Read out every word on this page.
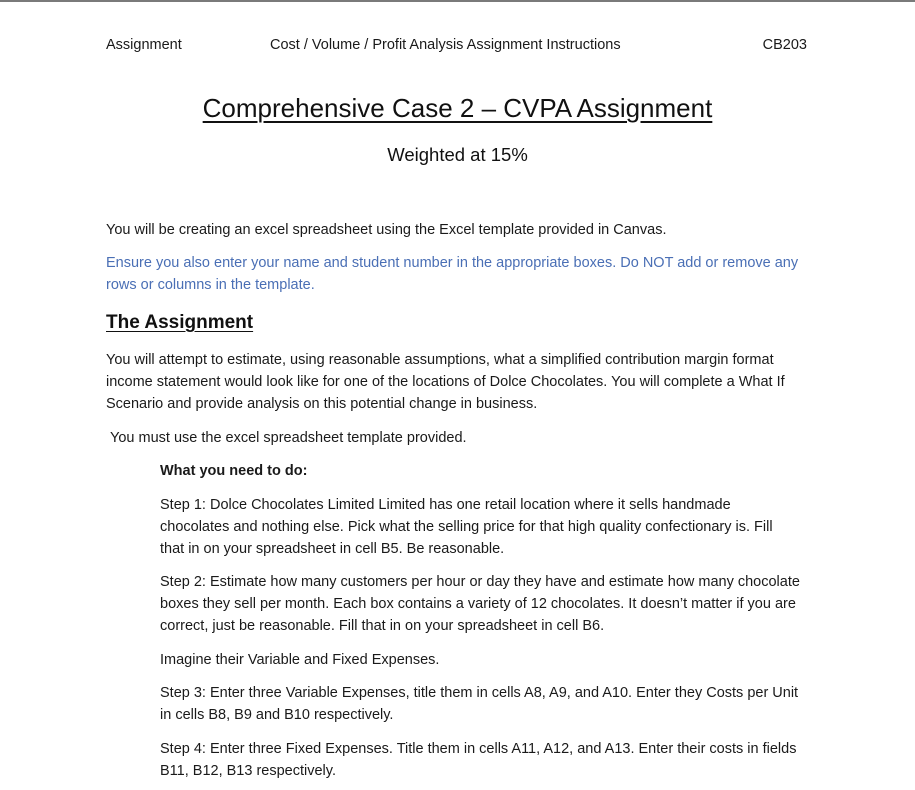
Assignment	Cost / Volume / Profit Analysis Assignment Instructions	CB203
Comprehensive Case 2 – CVPA Assignment
Weighted at 15%
You will be creating an excel spreadsheet using the Excel template provided in Canvas.
Ensure you also enter your name and student number in the appropriate boxes. Do NOT add or remove any rows or columns in the template.
The Assignment
You will attempt to estimate, using reasonable assumptions, what a simplified contribution margin format income statement would look like for one of the locations of Dolce Chocolates. You will complete a What If Scenario and provide analysis on this potential change in business.
You must use the excel spreadsheet template provided.
What you need to do:
Step 1: Dolce Chocolates Limited Limited has one retail location where it sells handmade chocolates and nothing else. Pick what the selling price for that high quality confectionary is. Fill that in on your spreadsheet in cell B5. Be reasonable.
Step 2: Estimate how many customers per hour or day they have and estimate how many chocolate boxes they sell per month. Each box contains a variety of 12 chocolates. It doesn’t matter if you are correct, just be reasonable. Fill that in on your spreadsheet in cell B6.
Imagine their Variable and Fixed Expenses.
Step 3: Enter three Variable Expenses, title them in cells A8, A9, and A10. Enter they Costs per Unit in cells B8, B9 and B10 respectively.
Step 4: Enter three Fixed Expenses. Title them in cells A11, A12, and A13. Enter their costs in fields B11, B12, B13 respectively.
